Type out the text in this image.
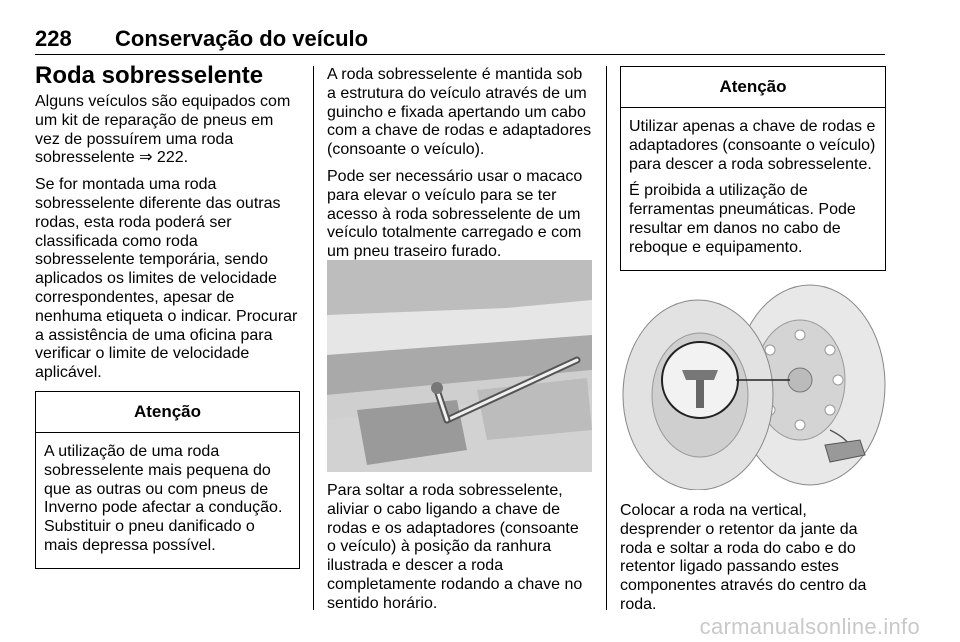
228 Conservação do veículo
Roda sobresselente

Alguns veículos são equipados com um kit de reparação de pneus em vez de possuírem uma roda sobresselente ⇒ 222.

Se for montada uma roda sobresselente diferente das outras rodas, esta roda poderá ser classificada como roda sobresselente temporária, sendo aplicados os limites de velocidade correspondentes, apesar de nenhuma etiqueta o indicar. Procurar a assistência de uma oficina para verificar o limite de velocidade aplicável.

Atenção

A utilização de uma roda sobresselente mais pequena do que as outras ou com pneus de Inverno pode afectar a condução. Substituir o pneu danificado o mais depressa possível.

A roda sobresselente é mantida sob a estrutura do veículo através de um guincho e fixada apertando um cabo com a chave de rodas e adaptadores (consoante o veículo).

Pode ser necessário usar o macaco para elevar o veículo para se ter acesso à roda sobresselente de um veículo totalmente carregado e com um pneu traseiro furado.

Para soltar a roda sobresselente, aliviar o cabo ligando a chave de rodas e os adaptadores (consoante o veículo) à posição da ranhura ilustrada e descer a roda completamente rodando a chave no sentido horário.

Atenção

Utilizar apenas a chave de rodas e adaptadores (consoante o veículo) para descer a roda sobresselente.

É proibida a utilização de ferramentas pneumáticas. Pode resultar em danos no cabo de reboque e equipamento.

Colocar a roda na vertical, desprender o retentor da jante da roda e soltar a roda do cabo e do retentor ligado passando estes componentes através do centro da roda.

carmanualsonline.info
